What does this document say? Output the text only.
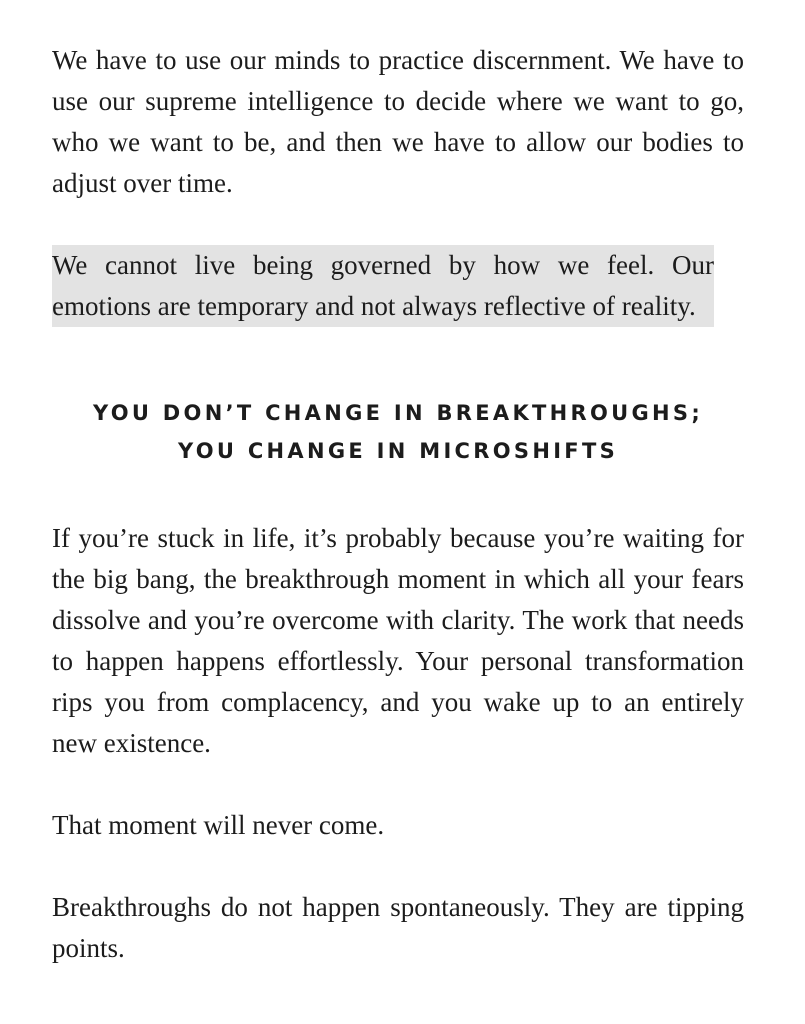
We have to use our minds to practice discernment. We have to use our supreme intelligence to decide where we want to go, who we want to be, and then we have to allow our bodies to adjust over time.

We cannot live being governed by how we feel. Our emotions are temporary and not always reflective of reality.

YOU DON’T CHANGE IN BREAKTHROUGHS;
YOU CHANGE IN MICROSHIFTS

If you’re stuck in life, it’s probably because you’re waiting for the big bang, the breakthrough moment in which all your fears dissolve and you’re overcome with clarity. The work that needs to happen happens effortlessly. Your personal transformation rips you from complacency, and you wake up to an entirely new existence.

That moment will never come.

Breakthroughs do not happen spontaneously. They are tipping points.
